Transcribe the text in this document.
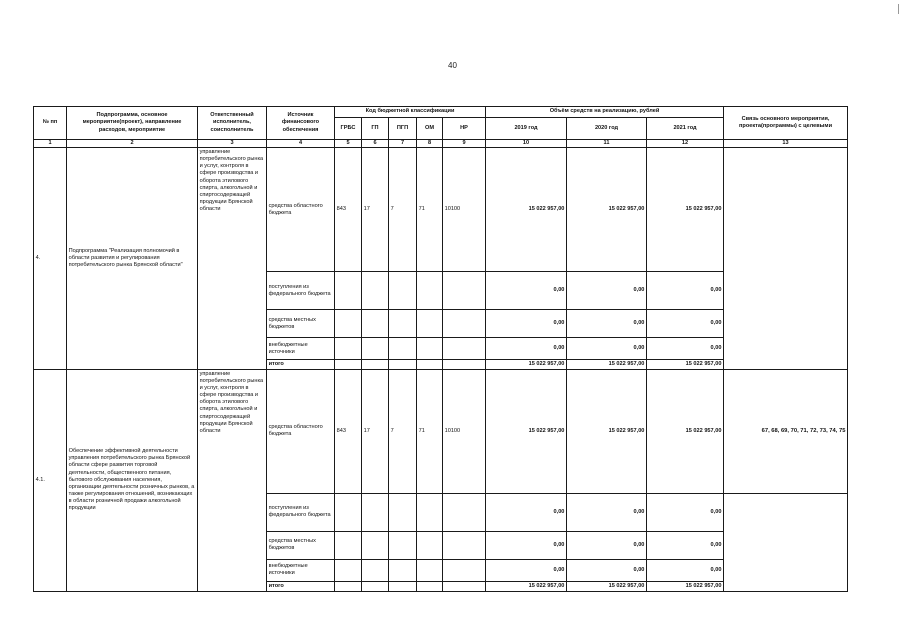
40
№ пп	Подпрограмма, основное мероприятие(проект), направление расходов, мероприятие	Ответственный исполнитель, соисполнитель	Источник финансового обеспечения	Код бюджетной классификации					Объём средств на реализацию, рублей			Связь основного мероприятия, проекта(программы) с целевыми
				ГРБС	ГП	ПГП	ОМ	НР	2019 год	2020 год	2021 год	
1	2	3	4	5	6	7	8	9	10	11	12	13
4.	Подпрограмма "Реализация полномочий в области развития и регулирования потребительского рынка Брянской области"	управление потребительского рынка и услуг, контроля в сфере производства и оборота этилового спирта, алкогольной и спиртосодержащей продукции Брянской области	средства областного бюджета	843	17	7	71	10100	15 022 957,00	15 022 957,00	15 022 957,00	
			поступления из федерального бюджета						0,00	0,00	0,00	
			средства местных бюджетов						0,00	0,00	0,00	
			внебюджетные источники						0,00	0,00	0,00	
			итого						15 022 957,00	15 022 957,00	15 022 957,00	
4.1.	Обеспечение эффективной деятельности управления потребительского рынка Брянской области сфере развития торговой деятельности, общественного питания, бытового обслуживания населения, организации деятельности розничных рынков, а также регулирования отношений, возникающих в области розничной продажи алкогольной продукции	управление потребительского рынка и услуг, контроля в сфере производства и оборота этилового спирта, алкогольной и спиртосодержащей продукции Брянской области	средства областного бюджета	843	17	7	71	10100	15 022 957,00	15 022 957,00	15 022 957,00	67, 68, 69, 70, 71, 72, 73, 74, 75
			поступления из федерального бюджета						0,00	0,00	0,00	
			средства местных бюджетов						0,00	0,00	0,00	
			внебюджетные источники						0,00	0,00	0,00	
			итого						15 022 957,00	15 022 957,00	15 022 957,00	
